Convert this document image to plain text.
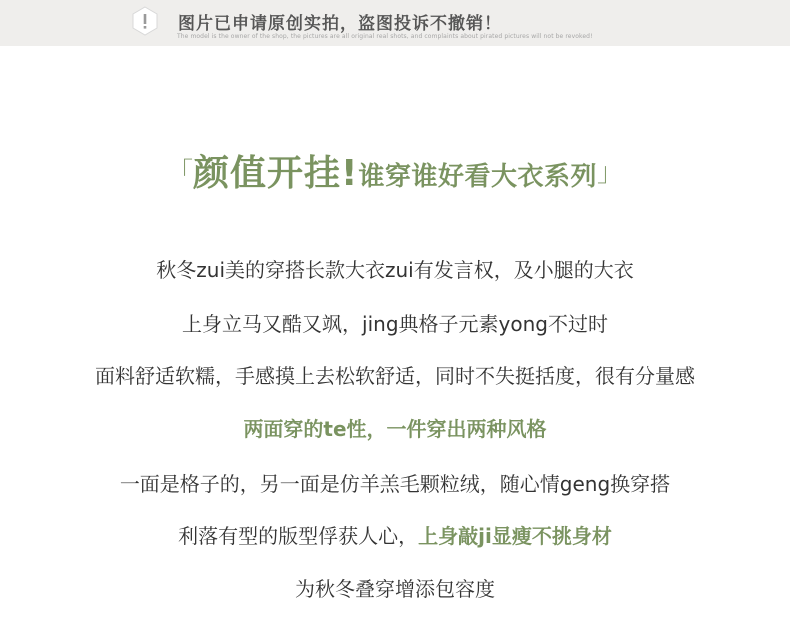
图片已申请原创实拍，盗图投诉不撤销！
The model is the owner of the shop, the pictures are all original real shots, and complaints about pirated pictures will not be revoked!
「颜值开挂!谁穿谁好看大衣系列」
秋冬zui美的穿搭长款大衣zui有发言权，及小腿的大衣
上身立马又酷又飒，jing典格子元素yong不过时
面料舒适软糯，手感摸上去松软舒适，同时不失挺括度，很有分量感
两面穿的te性，一件穿出两种风格
一面是格子的，另一面是仿羊羔毛颗粒绒，随心情geng换穿搭
利落有型的版型俘获人心，上身敲ji显瘦不挑身材
为秋冬叠穿增添包容度
